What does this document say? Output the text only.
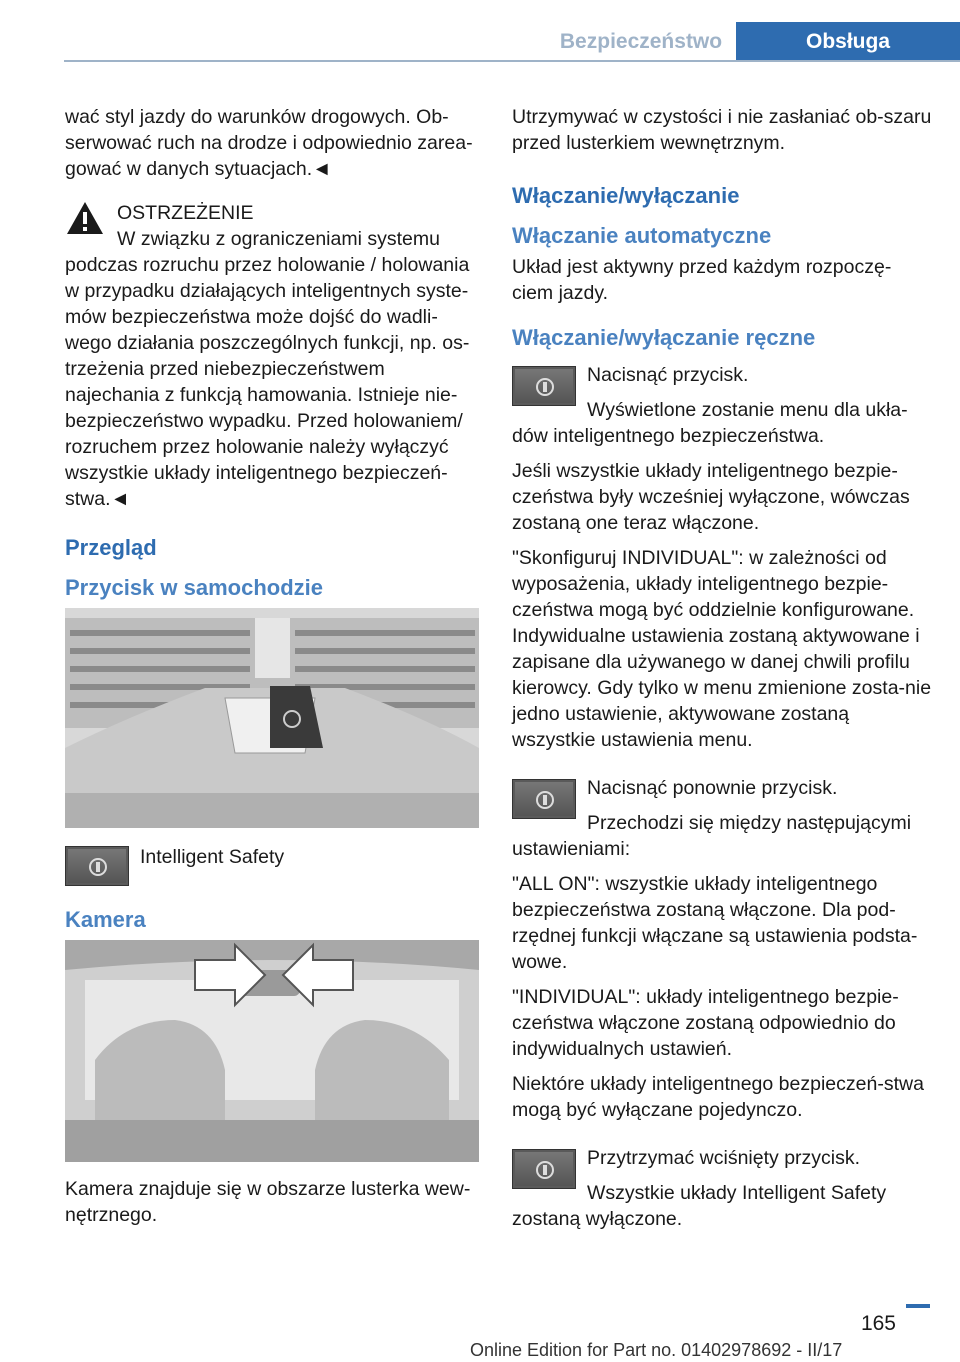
Bezpieczeństwo	Obsługa

wać styl jazdy do warunków drogowych. Ob-serwować ruch na drodze i odpowiednio zarea-gować w danych sytuacjach.◄

OSTRZEŻENIE

W związku z ograniczeniami systemu

podczas rozruchu przez holowanie / holowania w przypadku działających inteligentnych syste-mów bezpieczeństwa może dojść do wadli-wego działania poszczególnych funkcji, np. os-trzeżenia przed niebezpieczeństwem najechania z funkcją hamowania. Istnieje nie-bezpieczeństwo wypadku. Przed holowaniem/ rozruchem przez holowanie należy wyłączyć wszystkie układy inteligentnego bezpieczeń-stwa.◄

Przegląd
Przycisk w samochodzie

Intelligent Safety

Kamera

Kamera znajduje się w obszarze lusterka wew-nętrznego.

Utrzymywać w czystości i nie zasłaniać ob-szaru przed lusterkiem wewnętrznym.

Włączanie/wyłączanie
Włączanie automatyczne

Układ jest aktywny przed każdym rozpoczę-ciem jazdy.

Włączanie/wyłączanie ręczne

Nacisnąć przycisk.

Wyświetlone zostanie menu dla ukła-

dów inteligentnego bezpieczeństwa.

Jeśli wszystkie układy inteligentnego bezpie-czeństwa były wcześniej wyłączone, wówczas zostaną one teraz włączone.

"Skonfiguruj INDIVIDUAL": w zależności od wyposażenia, układy inteligentnego bezpie-czeństwa mogą być oddzielnie konfigurowane. Indywidualne ustawienia zostaną aktywowane i zapisane dla używanego w danej chwili profilu kierowcy. Gdy tylko w menu zmienione zosta-nie jedno ustawienie, aktywowane zostaną wszystkie ustawienia menu.

Nacisnąć ponownie przycisk.

Przechodzi się między następującymi

ustawieniami:

"ALL ON": wszystkie układy inteligentnego bezpieczeństwa zostaną włączone. Dla pod-rzędnej funkcji włączane są ustawienia podsta-wowe.

"INDIVIDUAL": układy inteligentnego bezpie-czeństwa włączone zostaną odpowiednio do indywidualnych ustawień.

Niektóre układy inteligentnego bezpieczeń-stwa mogą być wyłączane pojedynczo.

Przytrzymać wciśnięty przycisk.

Wszystkie układy Intelligent Safety

zostaną wyłączone.

165
Online Edition for Part no. 01402978692 - II/17
